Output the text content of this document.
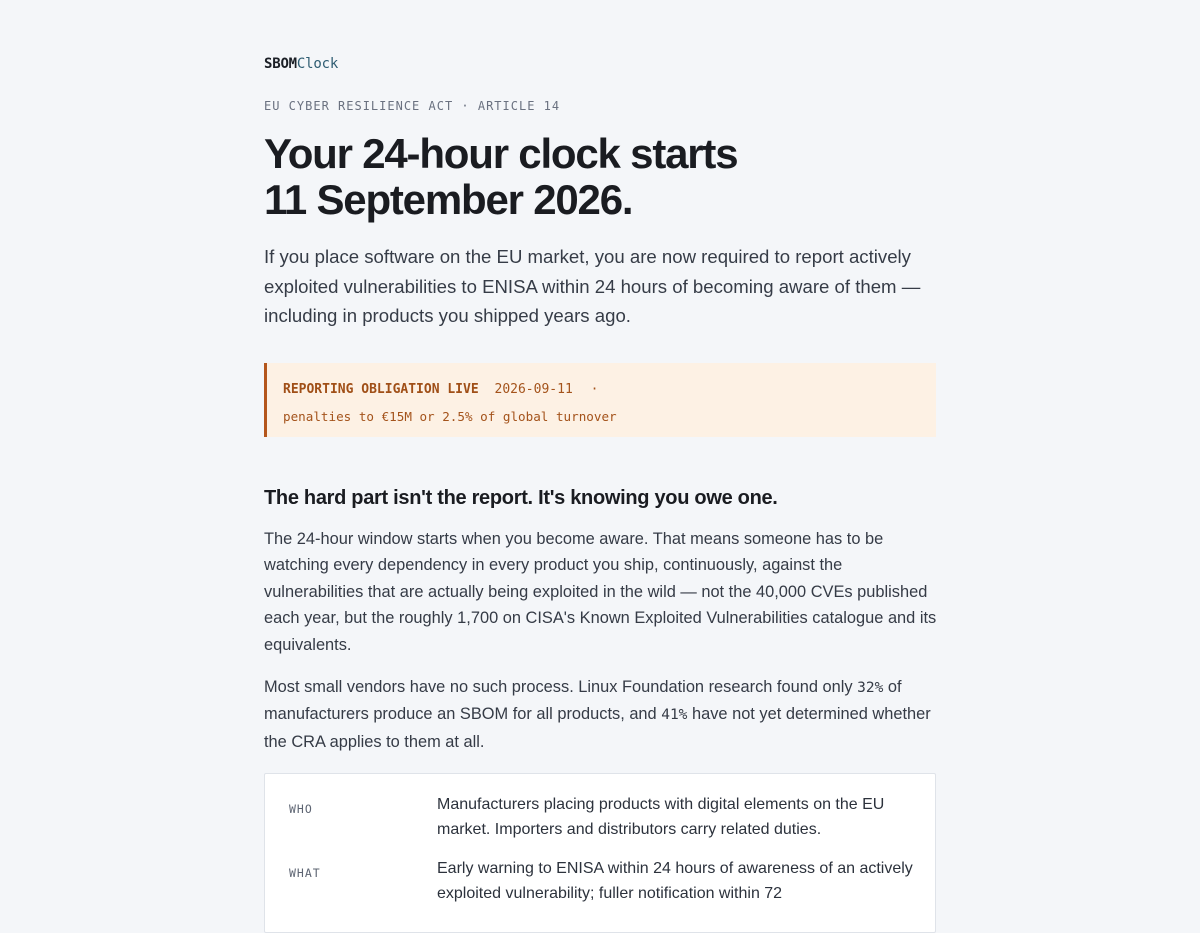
SBOMClock
EU CYBER RESILIENCE ACT · ARTICLE 14
Your 24-hour clock starts
11 September 2026.

If you place software on the EU market, you are now required to report actively exploited vulnerabilities to ENISA within 24 hours of becoming aware of them — including in products you shipped years ago.

REPORTING OBLIGATION LIVE 2026-09-11 ·
penalties to €15M or 2.5% of global turnover
The hard part isn't the report. It's knowing you owe one.

The 24-hour window starts when you become aware. That means someone has to be watching every dependency in every product you ship, continuously, against the vulnerabilities that are actually being exploited in the wild — not the 40,000 CVEs published each year, but the roughly 1,700 on CISA's Known Exploited Vulnerabilities catalogue and its equivalents.

Most small vendors have no such process. Linux Foundation research found only 32% of manufacturers produce an SBOM for all products, and 41% have not yet determined whether the CRA applies to them at all.

WHO	Manufacturers placing products with digital elements on the EU market. Importers and distributors carry related duties.
WHAT	Early warning to ENISA within 24 hours of awareness of an actively exploited vulnerability; fuller notification within 72
